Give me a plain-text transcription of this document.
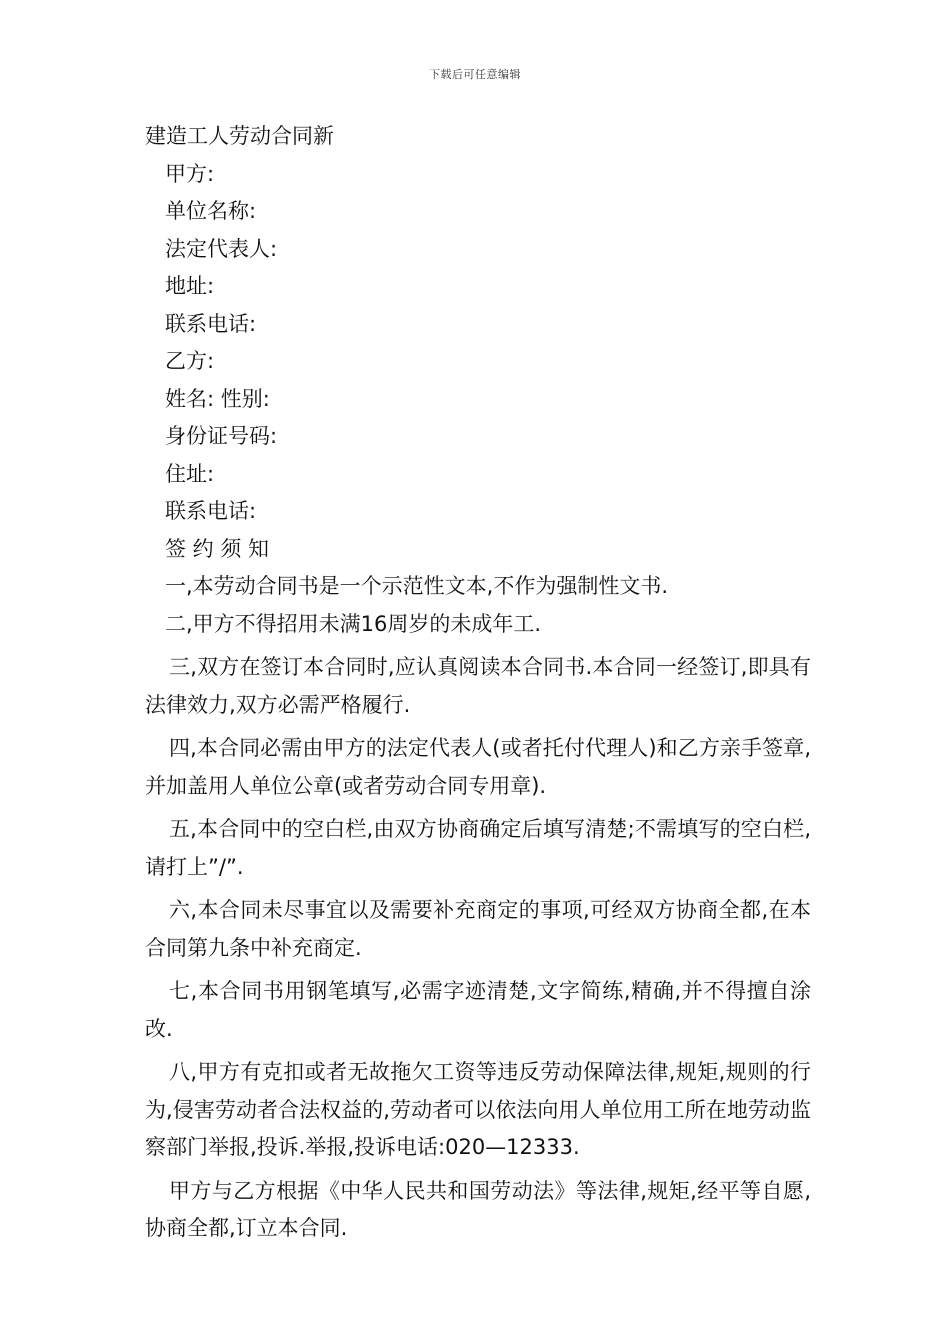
下载后可任意编辑
建造工人劳动合同新
甲方:
单位名称:
法定代表人:
地址:
联系电话:
乙方:
姓名: 性别:
身份证号码:
住址:
联系电话:
签 约 须 知
一,本劳动合同书是一个示范性文本,不作为强制性文书.
二,甲方不得招用未满16周岁的未成年工.
三,双方在签订本合同时,应认真阅读本合同书.本合同一经签订,即具有法律效力,双方必需严格履行.
四,本合同必需由甲方的法定代表人(或者托付代理人)和乙方亲手签章,并加盖用人单位公章(或者劳动合同专用章).
五,本合同中的空白栏,由双方协商确定后填写清楚;不需填写的空白栏,请打上”/”.
六,本合同未尽事宜以及需要补充商定的事项,可经双方协商全都,在本合同第九条中补充商定.
七,本合同书用钢笔填写,必需字迹清楚,文字简练,精确,并不得擅自涂改.
八,甲方有克扣或者无故拖欠工资等违反劳动保障法律,规矩,规则的行为,侵害劳动者合法权益的,劳动者可以依法向用人单位用工所在地劳动监察部门举报,投诉.举报,投诉电话:020—12333.
甲方与乙方根据《中华人民共和国劳动法》等法律,规矩,经平等自愿,协商全都,订立本合同.
